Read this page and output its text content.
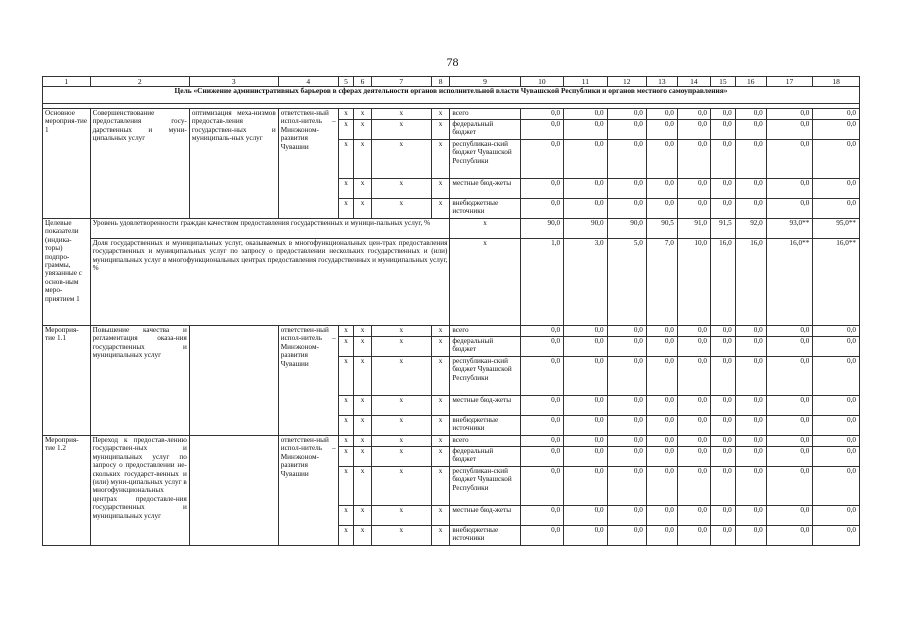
78
1	2	3	4	5	6	7	8	9	10	11	12	13	14	15	16	17	18
Цель «Снижение административных барьеров в сферах деятельности органов исполнительной власти Чувашской Республики и органов местного самоуправления»																	

Основное мероприя-тие 1	Совершенствование предоставления госу-дарственных и муни-ципальных услуг	оптимизация меха-низмов предостав-ления государствен-ных и муниципаль-ных услуг	ответствен-ный испол-нитель – Минэконом-развития Чувашии	x	x	x	x	всего	0,0	0,0	0,0	0,0	0,0	0,0	0,0	0,0	0,0
				x	x	x	x	федеральный бюджет	0,0	0,0	0,0	0,0	0,0	0,0	0,0	0,0	0,0
				x	x	x	x	республикан-ский бюджет Чувашской Республики	0,0	0,0	0,0	0,0	0,0	0,0	0,0	0,0	0,0
				x	x	x	x	местные бюд-жеты	0,0	0,0	0,0	0,0	0,0	0,0	0,0	0,0	0,0
				x	x	x	x	внебюджетные источники	0,0	0,0	0,0	0,0	0,0	0,0	0,0	0,0	0,0
Целевые показатели (индика-торы) подпро-граммы, увязанные с основ-ным меро-приятием 1	Уровень удовлетворенности граждан качеством предоставления государственных и муници-пальных услуг, %							x	90,0	90,0	90,0	90,5	91,0	91,5	92,0	93,0**	95,0**
	Доля государственных и муниципальных услуг, оказываемых в многофункциональных цен-трах предоставления государственных и муниципальных услуг по запросу о предоставлении нескольких государственных и (или) муниципальных услуг в многофункциональных центрах предоставления государственных и муниципальных услуг, %							x	1,0	3,0	5,0	7,0	10,0	16,0	16,0	16,0**	16,0**
Мероприя-тие 1.1	Повышение качества и регламентация оказа-ния государственных и муниципальных услуг		ответствен-ный испол-нитель – Минэконом-развития Чувашии	x	x	x	x	всего	0,0	0,0	0,0	0,0	0,0	0,0	0,0	0,0	0,0
				x	x	x	x	федеральный бюджет	0,0	0,0	0,0	0,0	0,0	0,0	0,0	0,0	0,0
				x	x	x	x	республикан-ский бюджет Чувашской Республики	0,0	0,0	0,0	0,0	0,0	0,0	0,0	0,0	0,0
				x	x	x	x	местные бюд-жеты	0,0	0,0	0,0	0,0	0,0	0,0	0,0	0,0	0,0
				x	x	x	x	внебюджетные источники	0,0	0,0	0,0	0,0	0,0	0,0	0,0	0,0	0,0
Мероприя-тие 1.2	Переход к предостав-лению государствен-ных и муниципальных услуг по запросу о предоставлении не-скольких государст-венных и (или) муни-ципальных услуг в многофункциональных центрах предоставле-ния государственных и муниципальных услуг		ответствен-ный испол-нитель – Минэконом-развития Чувашии	x	x	x	x	всего	0,0	0,0	0,0	0,0	0,0	0,0	0,0	0,0	0,0
				x	x	x	x	федеральный бюджет	0,0	0,0	0,0	0,0	0,0	0,0	0,0	0,0	0,0
				x	x	x	x	республикан-ский бюджет Чувашской Республики	0,0	0,0	0,0	0,0	0,0	0,0	0,0	0,0	0,0
				x	x	x	x	местные бюд-жеты	0,0	0,0	0,0	0,0	0,0	0,0	0,0	0,0	0,0
				x	x	x	x	внебюджетные источники	0,0	0,0	0,0	0,0	0,0	0,0	0,0	0,0	0,0
